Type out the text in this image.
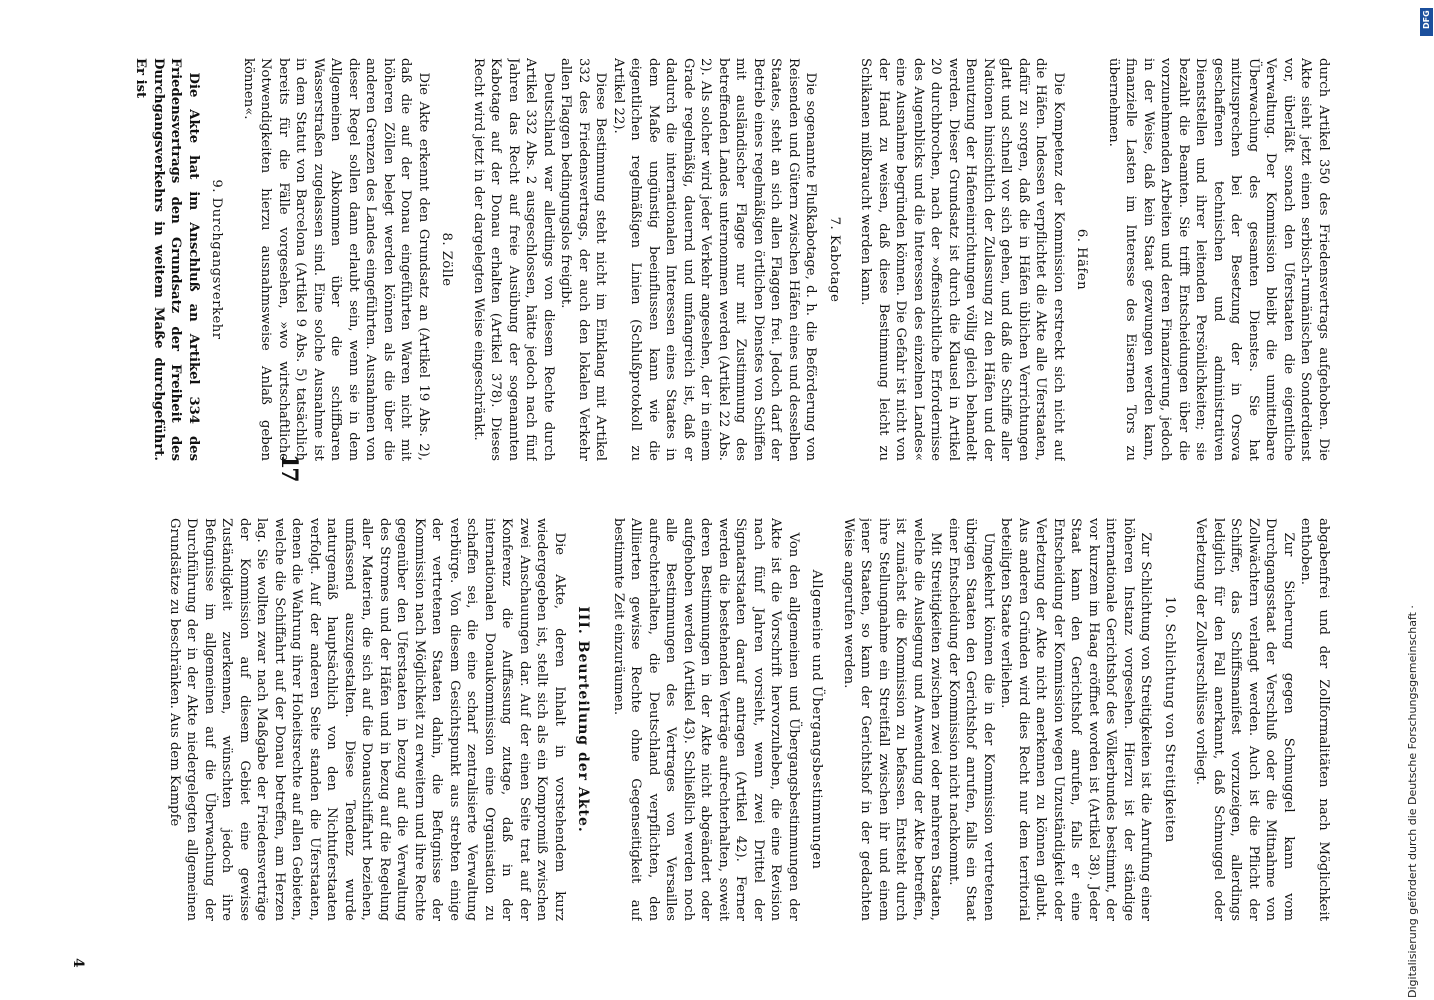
durch Artikel 350 des Friedensvertrags aufgehoben. Die Akte sieht jetzt einen serbisch-rumänischen Sonderdienst vor, überläßt sonach den Uferstaaten die eigentliche Verwaltung. Der Kommission bleibt die unmittelbare Überwachung des gesamten Dienstes. Sie hat mitzusprechen bei der Besetzung der in Orsova geschaffenen technischen und administrativen Dienststellen und ihrer leitenden Persönlichkeiten; sie bezahlt die Beamten. Sie trifft Entscheidungen über die vorzunehmenden Arbeiten und deren Finanzierung, jedoch in der Weise, daß kein Staat gezwungen werden kann, finanzielle Lasten im Interesse des Eisernen Tors zu übernehmen.

6. Häfen

Die Kompetenz der Kommission erstreckt sich nicht auf die Häfen. Indessen verpflichtet die Akte alle Uferstaaten, dafür zu sorgen, daß die in Häfen üblichen Verrichtungen glatt und schnell vor sich gehen, und daß die Schiffe aller Nationen hinsichtlich der Zulassung zu den Häfen und der Benutzung der Hafeneinrichtungen völlig gleich behandelt werden. Dieser Grundsatz ist durch die Klausel in Artikel 20 durchbrochen, nach der »offensichtliche Erfordernisse des Augenblicks und die Interessen des einzelnen Landes« eine Ausnahme begründen können. Die Gefahr ist nicht von der Hand zu weisen, daß diese Bestimmung leicht zu Schikanen mißbraucht werden kann.

7. Kabotage

Die sogenannte Flußkabotage, d. h. die Beförderung von Reisenden und Gütern zwischen Häfen eines und desselben Staates, steht an sich allen Flaggen frei. Jedoch darf der Betrieb eines regelmäßigen örtlichen Dienstes von Schiffen mit ausländischer Flagge nur mit Zustimmung des betreffenden Landes unternommen werden (Artikel 22 Abs. 2). Als solcher wird jeder Verkehr angesehen, der in einem Grade regelmäßig, dauernd und umfangreich ist, daß er dadurch die internationalen Interessen eines Staates in dem Maße ungünstig beeinflussen kann wie die eigentlichen regelmäßigen Linien (Schlußprotokoll zu Artikel 22).

Diese Bestimmung steht nicht im Einklang mit Artikel 332 des Friedensvertrags, der auch den lokalen Verkehr allen Flaggen bedingungslos freigibt.

Deutschland war allerdings von diesem Rechte durch Artikel 332 Abs. 2 ausgeschlossen, hätte jedoch nach fünf Jahren das Recht auf freie Ausübung der sogenannten Kabotage auf der Donau erhalten (Artikel 378). Dieses Recht wird jetzt in der dargelegten Weise eingeschränkt.

8. Zölle

Die Akte erkennt den Grundsatz an (Artikel 19 Abs. 2), daß die auf der Donau eingeführten Waren nicht mit höheren Zöllen belegt werden können als die über die anderen Grenzen des Landes eingeführten. Ausnahmen von dieser Regel sollen dann erlaubt sein, wenn sie in dem Allgemeinen Abkommen über die schiffbaren Wasserstraßen zugelassen sind. Eine solche Ausnahme ist in dem Statut von Barcelona (Artikel 9 Abs. 5) tatsächlich bereits für die Fälle vorgesehen, »wo wirtschaftliche Notwendigkeiten hierzu ausnahmsweise Anlaß geben können«.

9. Durchgangsverkehr

Die Akte hat im Anschluß an Artikel 334 des Friedensvertrags den Grundsatz der Freiheit des Durchgangsverkehrs in weitem Maße durchgeführt. Er ist

abgabenfrei und der Zollformalitäten nach Möglichkeit enthoben.

Zur Sicherung gegen Schmuggel kann vom Durchgangsstaat der Verschluß oder die Mitnahme von Zollwächtern verlangt werden. Auch ist die Pflicht der Schiffer, das Schiffsmanifest vorzuzeigen, allerdings lediglich für den Fall anerkannt, daß Schmuggel oder Verletzung der Zollverschlüsse vorliegt.

10. Schlichtung von Streitigkeiten

Zur Schlichtung von Streitigkeiten ist die Anrufung einer höheren Instanz vorgesehen. Hierzu ist der ständige internationale Gerichtshof des Völkerbundes bestimmt, der vor kurzem im Haag eröffnet worden ist (Artikel 38). Jeder Staat kann den Gerichtshof anrufen, falls er eine Entscheidung der Kommission wegen Unzuständigkeit oder Verletzung der Akte nicht anerkennen zu können glaubt. Aus anderen Gründen wird dies Recht nur dem territorial beteiligten Staate verliehen.

Umgekehrt können die in der Kommission vertretenen übrigen Staaten den Gerichtshof anrufen, falls ein Staat einer Entscheidung der Kommission nicht nachkommt.

Mit Streitigkeiten zwischen zwei oder mehreren Staaten, welche die Auslegung und Anwendung der Akte betreffen, ist zunächst die Kommission zu befassen. Entsteht durch ihre Stellungnahme ein Streitfall zwischen ihr und einem jener Staaten, so kann der Gerichtshof in der gedachten Weise angerufen werden.

Allgemeine und Übergangsbestimmungen

Von den allgemeinen und Übergangsbestimmungen der Akte ist die Vorschrift hervorzuheben, die eine Revision nach fünf Jahren vorsieht, wenn zwei Drittel der Signatarstaaten darauf antragen (Artikel 42). Ferner werden die bestehenden Verträge aufrechterhalten, soweit deren Bestimmungen in der Akte nicht abgeändert oder aufgehoben werden (Artikel 43). Schließlich werden noch alle Bestimmungen des Vertrages von Versailles aufrechterhalten, die Deutschland verpflichten, den Alliierten gewisse Rechte ohne Gegenseitigkeit auf bestimmte Zeit einzuräumen.

III. Beurteilung der Akte.

Die Akte, deren Inhalt in vorstehendem kurz wiedergegeben ist, stellt sich als ein Kompromiß zwischen zwei Anschauungen dar. Auf der einen Seite trat auf der Konferenz die Auffassung zutage, daß in der internationalen Donaukommission eine Organisation zu schaffen sei, die eine scharf zentralisierte Verwaltung verbürge. Von diesem Gesichtspunkt aus strebten einige der vertretenen Staaten dahin, die Befugnisse der Kommission nach Möglichkeit zu erweitern und ihre Rechte gegenüber den Uferstaaten in bezug auf die Verwaltung des Stromes und der Häfen und in bezug auf die Regelung aller Materien, die sich auf die Donauschiffahrt beziehen, umfassend auszugestalten. Diese Tendenz wurde naturgemäß hauptsächlich von den Nichtuferstaaten verfolgt. Auf der anderen Seite standen die Uferstaaten, denen die Wahrung ihrer Hoheitsrechte auf allen Gebieten, welche die Schiffahrt auf der Donau betreffen, am Herzen lag. Sie wollten zwar nach Maßgabe der Friedensverträge der Kommission auf diesem Gebiet eine gewisse Zuständigkeit zuerkennen, wünschten jedoch ihre Befugnisse im allgemeinen auf die Überwachung der Durchführung der in der Akte niedergelegten allgemeinen Grundsätze zu beschränken. Aus dem Kampfe

17
4	Digitalisierung gefördert durch die Deutsche Forschungsgemeinschaft ·
DFG
